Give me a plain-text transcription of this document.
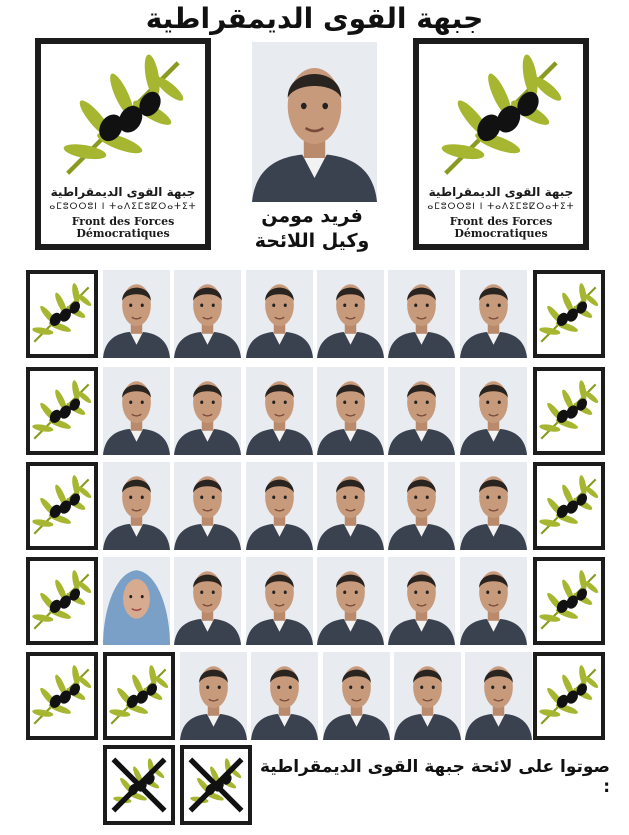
جبهة القوى الديمقراطية
جبهة القوى الديمقراطية
ⴰⵎⵓⵔⵔⵓⵏ ⵏ ⵜⴰⴷⵉⵎⵓⵇⵔⴰⵜⵉⵜ
Front des Forces
Démocratiques
جبهة القوى الديمقراطية
ⴰⵎⵓⵔⵔⵓⵏ ⵏ ⵜⴰⴷⵉⵎⵓⵇⵔⴰⵜⵉⵜ
Front des Forces
Démocratiques
فريد مومن
وكيل اللائحة
صوتوا على لائحة جبهة القوى الديمقراطية :
